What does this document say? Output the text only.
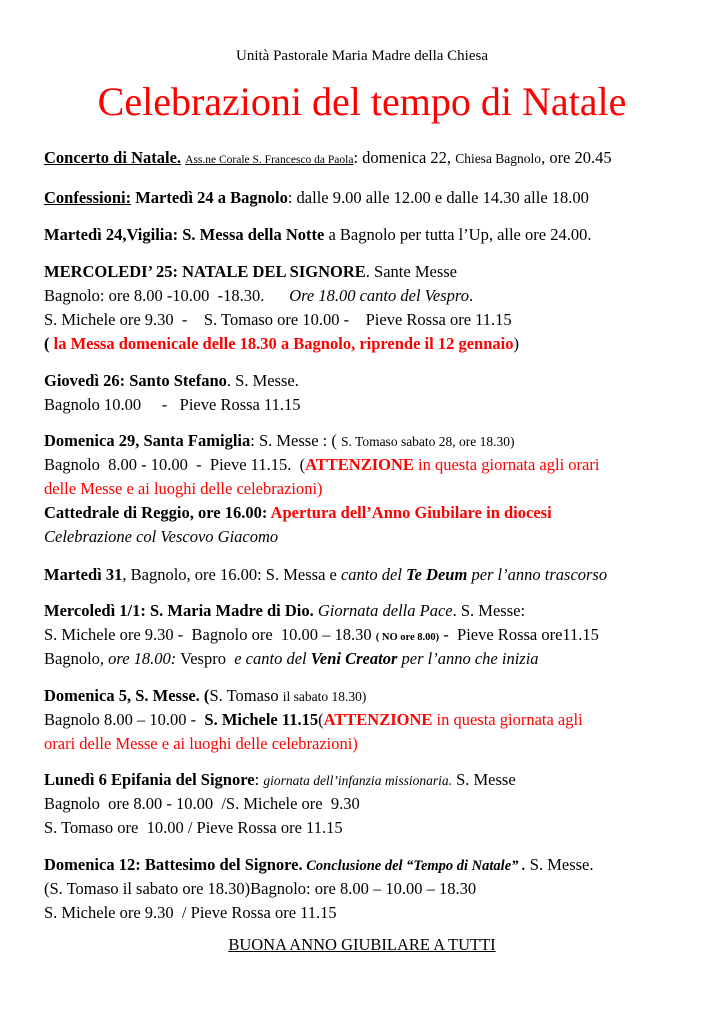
Unità Pastorale Maria Madre della Chiesa
Celebrazioni del tempo di Natale
Concerto di Natale. Ass.ne Corale S. Francesco da Paola: domenica 22, Chiesa Bagnolo, ore 20.45
Confessioni: Martedì 24 a Bagnolo: dalle 9.00 alle 12.00 e dalle 14.30 alle 18.00
Martedì 24,Vigilia: S. Messa della Notte a Bagnolo per tutta l’Up, alle ore 24.00.
MERCOLEDI’ 25: NATALE DEL SIGNORE. Sante Messe
Bagnolo: ore 8.00 -10.00  -18.30.      Ore 18.00 canto del Vespro.
S. Michele ore 9.30  -    S. Tomaso ore 10.00 -    Pieve Rossa ore 11.15
( la Messa domenicale delle 18.30 a Bagnolo, riprende il 12 gennaio)
Giovedì 26: Santo Stefano. S. Messe.
Bagnolo 10.00     -   Pieve Rossa 11.15
Domenica 29, Santa Famiglia: S. Messe : ( S. Tomaso sabato 28, ore 18.30)
Bagnolo  8.00 - 10.00  -  Pieve 11.15.  (ATTENZIONE in questa giornata agli orari
delle Messe e ai luoghi delle celebrazioni)
Cattedrale di Reggio, ore 16.00: Apertura dell’Anno Giubilare in diocesi
Celebrazione col Vescovo Giacomo
Martedì 31, Bagnolo, ore 16.00: S. Messa e canto del Te Deum per l’anno trascorso
Mercoledì 1/1: S. Maria Madre di Dio. Giornata della Pace. S. Messe:
S. Michele ore 9.30 -  Bagnolo ore  10.00 – 18.30 ( NO ore 8.00) -  Pieve Rossa ore11.15
Bagnolo, ore 18.00: Vespro  e canto del Veni Creator per l’anno che inizia
Domenica 5, S. Messe. (S. Tomaso il sabato 18.30)
Bagnolo 8.00 – 10.00 -  S. Michele 11.15(ATTENZIONE in questa giornata agli
orari delle Messe e ai luoghi delle celebrazioni)
Lunedì 6 Epifania del Signore: giornata dell’infanzia missionaria. S. Messe
Bagnolo  ore 8.00 - 10.00  /S. Michele ore  9.30
S. Tomaso ore  10.00 / Pieve Rossa ore 11.15
Domenica 12: Battesimo del Signore. Conclusione del “Tempo di Natale” . S. Messe.
(S. Tomaso il sabato ore 18.30)Bagnolo: ore 8.00 – 10.00 – 18.30
S. Michele ore 9.30  / Pieve Rossa ore 11.15
BUONA ANNO GIUBILARE A TUTTI
